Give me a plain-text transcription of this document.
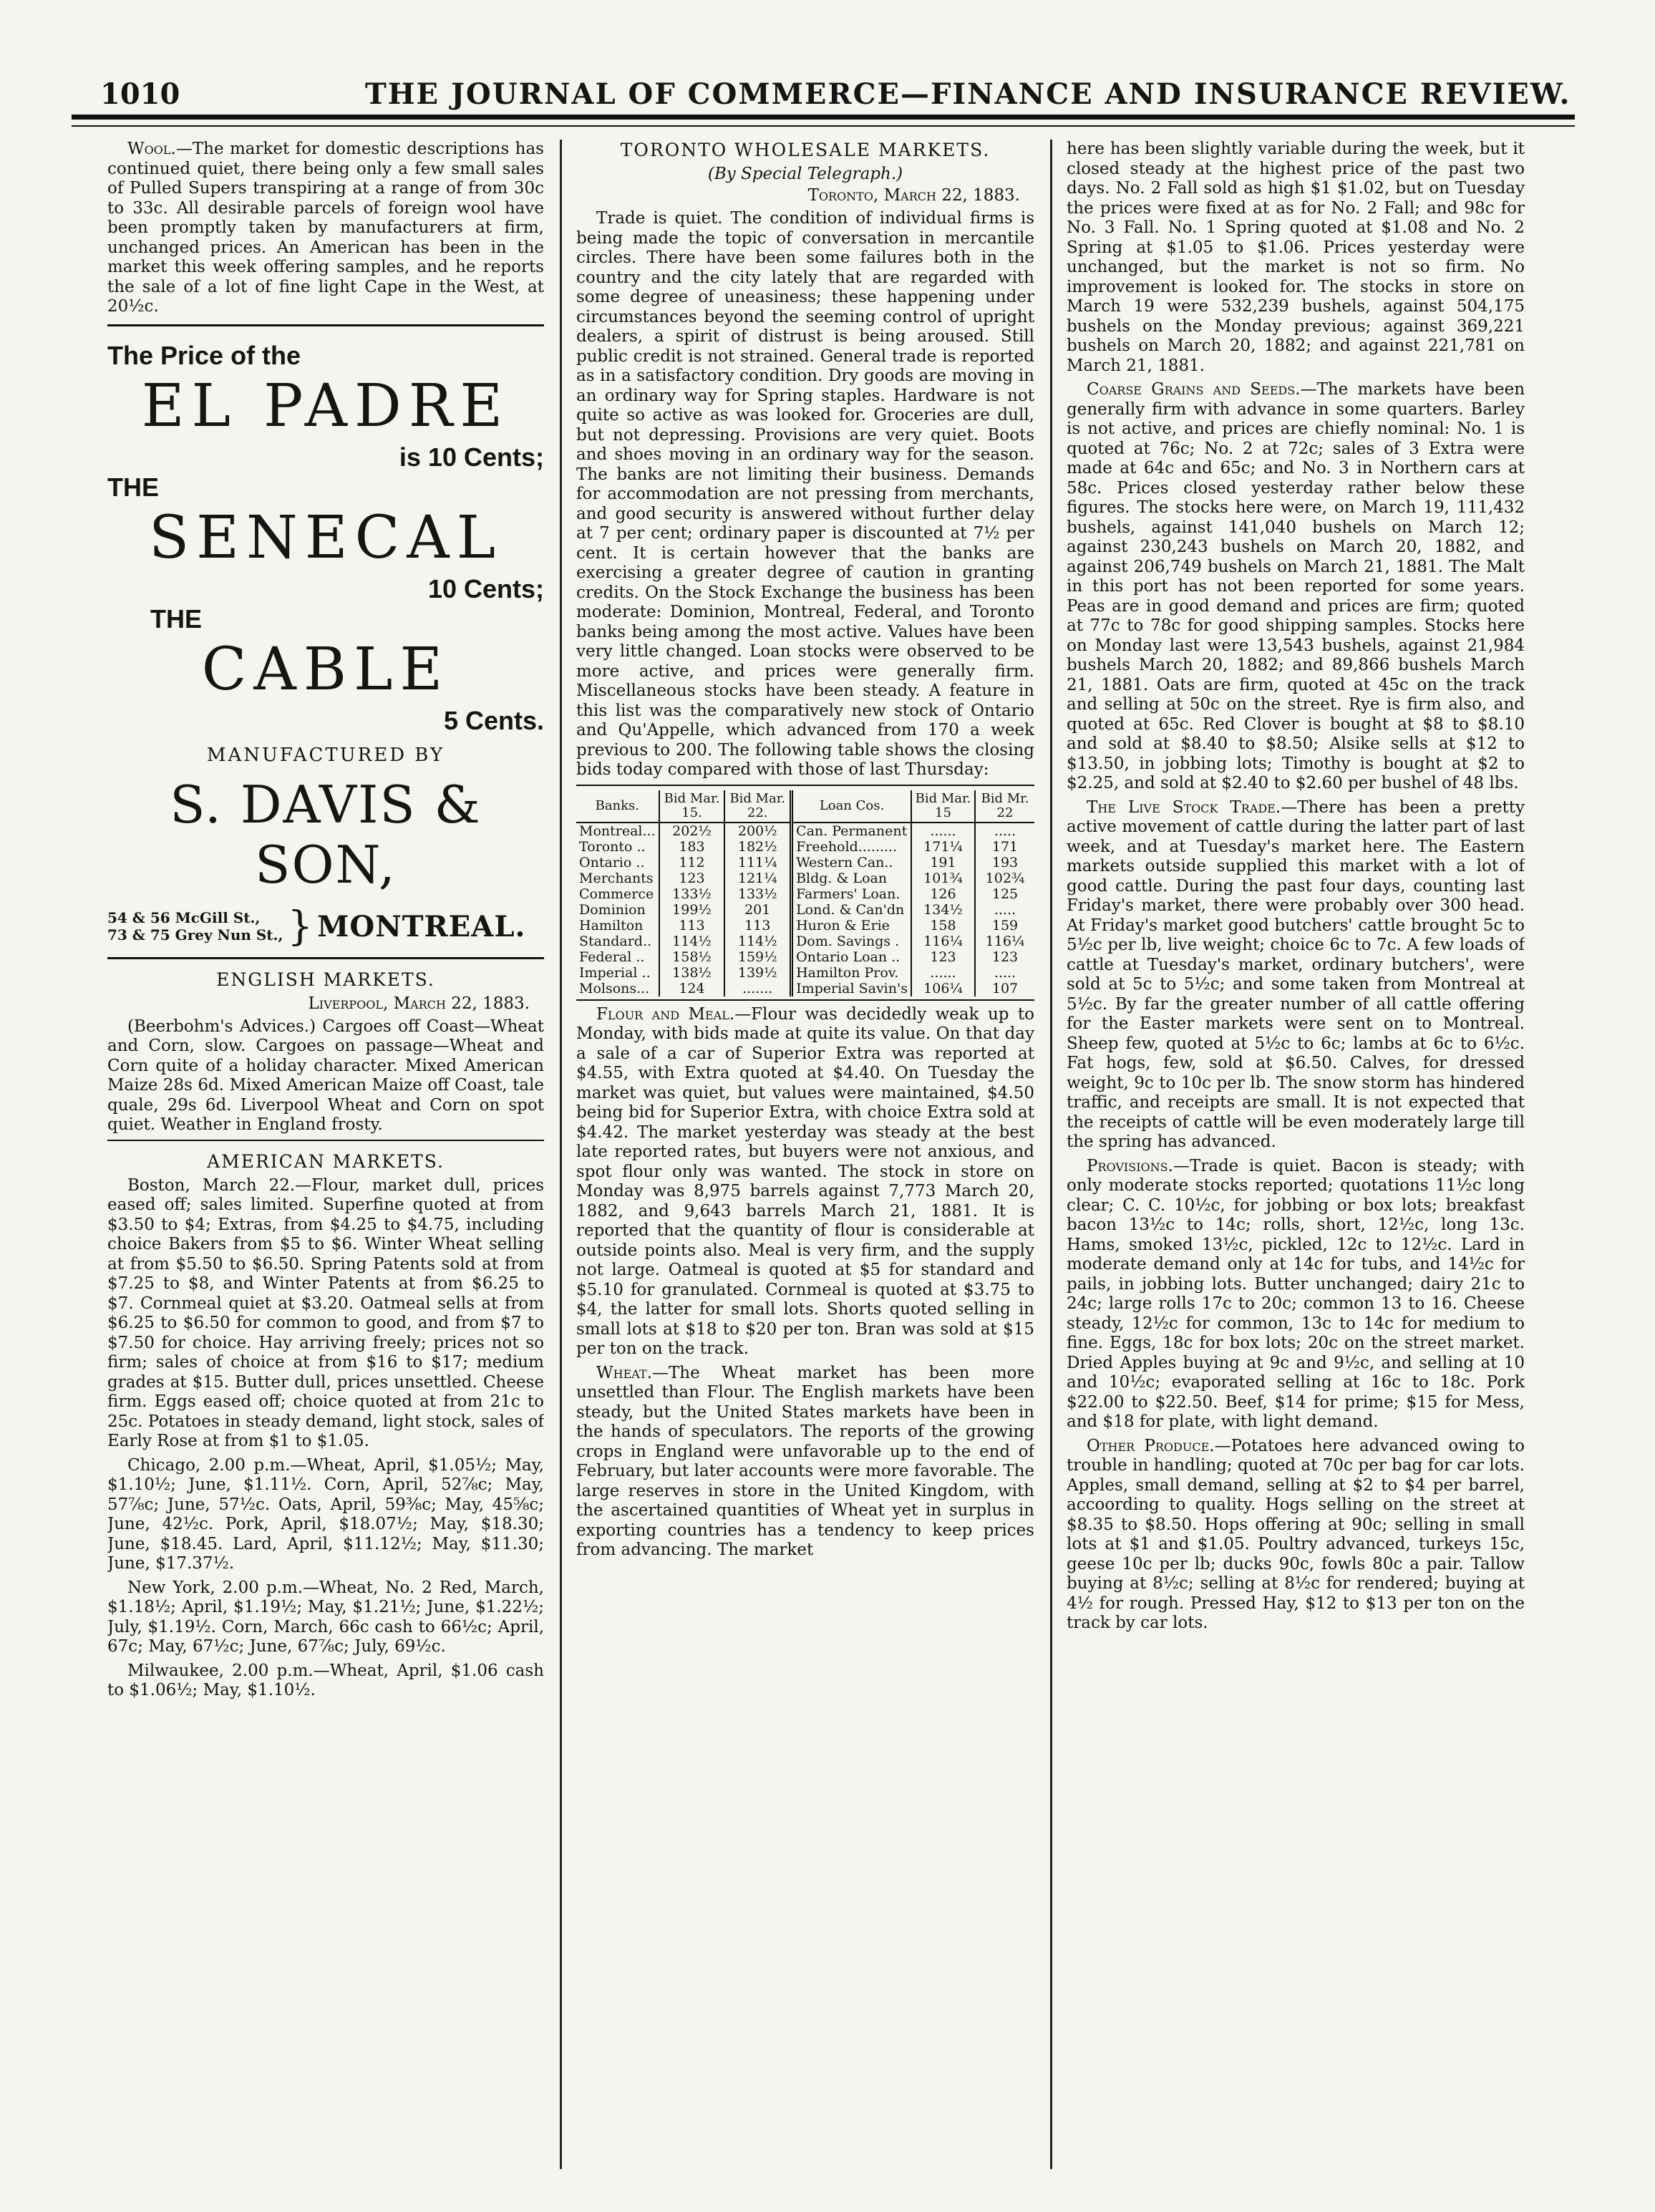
1010	THE JOURNAL OF COMMERCE—FINANCE AND INSURANCE REVIEW.

Wool.—The market for domestic descriptions has continued quiet, there being only a few small sales of Pulled Supers transpiring at a range of from 30c to 33c. All desirable parcels of foreign wool have been promptly taken by manufacturers at firm, unchanged prices. An American has been in the market this week offering samples, and he reports the sale of a lot of fine light Cape in the West, at 20½c.

The Price of the
EL PADRE
is 10 Cents;
THE
SENECAL
10 Cents;
THE
CABLE
5 Cents.
MANUFACTURED BY
S. DAVIS & SON,
54 & 56 McGill St.,
73 & 75 Grey Nun St., } MONTREAL.
ENGLISH MARKETS.
Liverpool, March 22, 1883.

(Beerbohm's Advices.) Cargoes off Coast—Wheat and Corn, slow. Cargoes on passage—Wheat and Corn quite of a holiday character. Mixed American Maize 28s 6d. Mixed American Maize off Coast, tale quale, 29s 6d. Liverpool Wheat and Corn on spot quiet. Weather in England frosty.

AMERICAN MARKETS.

Boston, March 22.—Flour, market dull, prices eased off; sales limited. Superfine quoted at from $3.50 to $4; Extras, from $4.25 to $4.75, including choice Bakers from $5 to $6. Winter Wheat selling at from $5.50 to $6.50. Spring Patents sold at from $7.25 to $8, and Winter Patents at from $6.25 to $7. Cornmeal quiet at $3.20. Oatmeal sells at from $6.25 to $6.50 for common to good, and from $7 to $7.50 for choice. Hay arriving freely; prices not so firm; sales of choice at from $16 to $17; medium grades at $15. Butter dull, prices unsettled. Cheese firm. Eggs eased off; choice quoted at from 21c to 25c. Potatoes in steady demand, light stock, sales of Early Rose at from $1 to $1.05.

Chicago, 2.00 p.m.—Wheat, April, $1.05½; May, $1.10½; June, $1.11½. Corn, April, 52⅞c; May, 57⅞c; June, 57½c. Oats, April, 59⅜c; May, 45⅝c; June, 42½c. Pork, April, $18.07½; May, $18.30; June, $18.45. Lard, April, $11.12½; May, $11.30; June, $17.37½.

New York, 2.00 p.m.—Wheat, No. 2 Red, March, $1.18½; April, $1.19½; May, $1.21½; June, $1.22½; July, $1.19½. Corn, March, 66c cash to 66½c; April, 67c; May, 67½c; June, 67⅞c; July, 69½c.

Milwaukee, 2.00 p.m.—Wheat, April, $1.06 cash to $1.06½; May, $1.10½.

TORONTO WHOLESALE MARKETS.
(By Special Telegraph.)
Toronto, March 22, 1883.

Trade is quiet. The condition of individual firms is being made the topic of conversation in mercantile circles. There have been some failures both in the country and the city lately that are regarded with some degree of uneasiness; these happening under circumstances beyond the seeming control of upright dealers, a spirit of distrust is being aroused. Still public credit is not strained. General trade is reported as in a satisfactory condition. Dry goods are moving in an ordinary way for Spring staples. Hardware is not quite so active as was looked for. Groceries are dull, but not depressing. Provisions are very quiet. Boots and shoes moving in an ordinary way for the season. The banks are not limiting their business. Demands for accommodation are not pressing from merchants, and good security is answered without further delay at 7 per cent; ordinary paper is discounted at 7½ per cent. It is certain however that the banks are exercising a greater degree of caution in granting credits. On the Stock Exchange the business has been moderate: Dominion, Montreal, Federal, and Toronto banks being among the most active. Values have been very little changed. Loan stocks were observed to be more active, and prices were generally firm. Miscellaneous stocks have been steady. A feature in this list was the comparatively new stock of Ontario and Qu'Appelle, which advanced from 170 a week previous to 200. The following table shows the closing bids today compared with those of last Thursday:

Banks.	Bid Mar. 15.	Bid Mar. 22.	Loan Cos.	Bid Mar. 15	Bid Mr. 22
Montreal...	202½	200½	Can. Permanent	......	.....
Toronto ..	183	182½	Freehold.........	171¼	171
Ontario ..	112	111¼	Western Can..	191	193
Merchants	123	121¼	Bldg. & Loan	101¾	102¾
Commerce	133½	133½	Farmers' Loan.	126	125
Dominion	199½	201	Lond. & Can'dn	134½	.....
Hamilton	113	113	Huron & Erie	158	159
Standard..	114½	114½	Dom. Savings .	116¼	116¼
Federal ..	158½	159½	Ontario Loan ..	123	123
Imperial ..	138½	139½	Hamilton Prov.	......	.....
Molsons...	124	.......	Imperial Savin's	106¼	107

Flour and Meal.—Flour was decidedly weak up to Monday, with bids made at quite its value. On that day a sale of a car of Superior Extra was reported at $4.55, with Extra quoted at $4.40. On Tuesday the market was quiet, but values were maintained, $4.50 being bid for Superior Extra, with choice Extra sold at $4.42. The market yesterday was steady at the best late reported rates, but buyers were not anxious, and spot flour only was wanted. The stock in store on Monday was 8,975 barrels against 7,773 March 20, 1882, and 9,643 barrels March 21, 1881. It is reported that the quantity of flour is considerable at outside points also. Meal is very firm, and the supply not large. Oatmeal is quoted at $5 for standard and $5.10 for granulated. Cornmeal is quoted at $3.75 to $4, the latter for small lots. Shorts quoted selling in small lots at $18 to $20 per ton. Bran was sold at $15 per ton on the track.

Wheat.—The Wheat market has been more unsettled than Flour. The English markets have been steady, but the United States markets have been in the hands of speculators. The reports of the growing crops in England were unfavorable up to the end of February, but later accounts were more favorable. The large reserves in store in the United Kingdom, with the ascertained quantities of Wheat yet in surplus in exporting countries has a tendency to keep prices from advancing. The market

here has been slightly variable during the week, but it closed steady at the highest price of the past two days. No. 2 Fall sold as high $1 $1.02, but on Tuesday the prices were fixed at as for No. 2 Fall; and 98c for No. 3 Fall. No. 1 Spring quoted at $1.08 and No. 2 Spring at $1.05 to $1.06. Prices yesterday were unchanged, but the market is not so firm. No improvement is looked for. The stocks in store on March 19 were 532,239 bushels, against 504,175 bushels on the Monday previous; against 369,221 bushels on March 20, 1882; and against 221,781 on March 21, 1881.

Coarse Grains and Seeds.—The markets have been generally firm with advance in some quarters. Barley is not active, and prices are chiefly nominal: No. 1 is quoted at 76c; No. 2 at 72c; sales of 3 Extra were made at 64c and 65c; and No. 3 in Northern cars at 58c. Prices closed yesterday rather below these figures. The stocks here were, on March 19, 111,432 bushels, against 141,040 bushels on March 12; against 230,243 bushels on March 20, 1882, and against 206,749 bushels on March 21, 1881. The Malt in this port has not been reported for some years. Peas are in good demand and prices are firm; quoted at 77c to 78c for good shipping samples. Stocks here on Monday last were 13,543 bushels, against 21,984 bushels March 20, 1882; and 89,866 bushels March 21, 1881. Oats are firm, quoted at 45c on the track and selling at 50c on the street. Rye is firm also, and quoted at 65c. Red Clover is bought at $8 to $8.10 and sold at $8.40 to $8.50; Alsike sells at $12 to $13.50, in jobbing lots; Timothy is bought at $2 to $2.25, and sold at $2.40 to $2.60 per bushel of 48 lbs.

The Live Stock Trade.—There has been a pretty active movement of cattle during the latter part of last week, and at Tuesday's market here. The Eastern markets outside supplied this market with a lot of good cattle. During the past four days, counting last Friday's market, there were probably over 300 head. At Friday's market good butchers' cattle brought 5c to 5½c per lb, live weight; choice 6c to 7c. A few loads of cattle at Tuesday's market, ordinary butchers', were sold at 5c to 5½c; and some taken from Montreal at 5½c. By far the greater number of all cattle offering for the Easter markets were sent on to Montreal. Sheep few, quoted at 5½c to 6c; lambs at 6c to 6½c. Fat hogs, few, sold at $6.50. Calves, for dressed weight, 9c to 10c per lb. The snow storm has hindered traffic, and receipts are small. It is not expected that the receipts of cattle will be even moderately large till the spring has advanced.

Provisions.—Trade is quiet. Bacon is steady; with only moderate stocks reported; quotations 11½c long clear; C. C. 10½c, for jobbing or box lots; breakfast bacon 13½c to 14c; rolls, short, 12½c, long 13c. Hams, smoked 13½c, pickled, 12c to 12½c. Lard in moderate demand only at 14c for tubs, and 14½c for pails, in jobbing lots. Butter unchanged; dairy 21c to 24c; large rolls 17c to 20c; common 13 to 16. Cheese steady, 12½c for common, 13c to 14c for medium to fine. Eggs, 18c for box lots; 20c on the street market. Dried Apples buying at 9c and 9½c, and selling at 10 and 10½c; evaporated selling at 16c to 18c. Pork $22.00 to $22.50. Beef, $14 for prime; $15 for Mess, and $18 for plate, with light demand.

Other Produce.—Potatoes here advanced owing to trouble in handling; quoted at 70c per bag for car lots. Apples, small demand, selling at $2 to $4 per barrel, accoording to quality. Hogs selling on the street at $8.35 to $8.50. Hops offering at 90c; selling in small lots at $1 and $1.05. Poultry advanced, turkeys 15c, geese 10c per lb; ducks 90c, fowls 80c a pair. Tallow buying at 8½c; selling at 8½c for rendered; buying at 4½ for rough. Pressed Hay, $12 to $13 per ton on the track by car lots.
